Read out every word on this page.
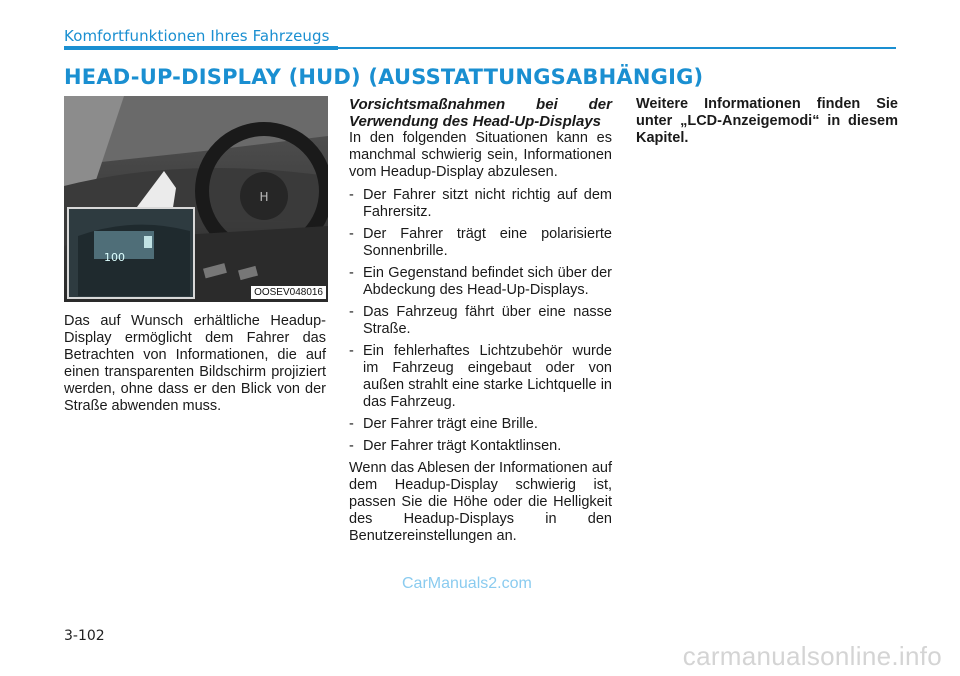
Komfortfunktionen Ihres Fahrzeugs
HEAD-UP-DISPLAY (HUD) (AUSSTATTUNGSABHÄNGIG)
H
100
OOSEV048016

Das auf Wunsch erhältliche Headup-Display ermöglicht dem Fahrer das Betrachten von Informationen, die auf einen transparenten Bildschirm projiziert werden, ohne dass er den Blick von der Straße abwenden muss.

Vorsichtsmaßnahmen bei der Verwendung des Head-Up-Displays

In den folgenden Situationen kann es manchmal schwierig sein, Informationen vom Headup-Display abzulesen.

- Der Fahrer sitzt nicht richtig auf dem Fahrersitz.
- Der Fahrer trägt eine polarisierte Sonnenbrille.
- Ein Gegenstand befindet sich über der Abdeckung des Head-Up-Displays.
- Das Fahrzeug fährt über eine nasse Straße.
- Ein fehlerhaftes Lichtzubehör wurde im Fahrzeug eingebaut oder von außen strahlt eine starke Lichtquelle in das Fahrzeug.
- Der Fahrer trägt eine Brille.
- Der Fahrer trägt Kontaktlinsen.

Wenn das Ablesen der Informationen auf dem Headup-Display schwierig ist, passen Sie die Höhe oder die Helligkeit des Headup-Displays in den Benutzereinstellungen an.

Weitere Informationen finden Sie unter „LCD-Anzeigemodi“ in diesem Kapitel.

CarManuals2.com
3-102
carmanualsonline.info
